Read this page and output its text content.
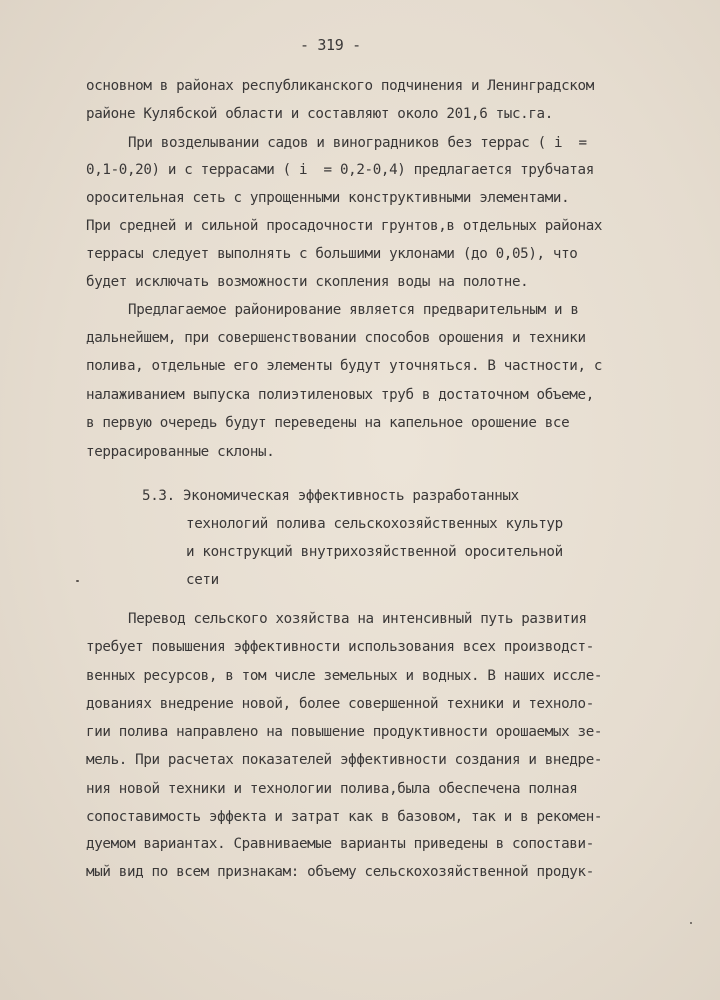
- 319 -
основном в районах республиканского подчинения и Ленинградском
районе Кулябской области и составляют около 201,6 тыс.га.
При возделывании садов и виноградников без террас ( i  =
0,1-0,20) и с террасами ( i  = 0,2-0,4) предлагается трубчатая
оросительная сеть с упрощенными конструктивными элементами.
При средней и сильной просадочности грунтов,в отдельных районах
террасы следует выполнять с большими уклонами (до 0,05), что
будет исключать возможности скопления воды на полотне.
Предлагаемое районирование является предварительным и в
дальнейшем, при совершенствовании способов орошения и техники
полива, отдельные его элементы будут уточняться. В частности, с
налаживанием выпуска полиэтиленовых труб в достаточном объеме,
в первую очередь будут переведены на капельное орошение все
террасированные склоны.
5.3. Экономическая эффективность разработанных
технологий полива сельскохозяйственных культур
и конструкций внутрихозяйственной оросительной
сети
Перевод сельского хозяйства на интенсивный путь развития
требует повышения эффективности использования всех производст-
венных ресурсов, в том числе земельных и водных. В наших иссле-
дованиях внедрение новой, более совершенной техники и техноло-
гии полива направлено на повышение продуктивности орошаемых зе-
мель. При расчетах показателей эффективности создания и внедре-
ния новой техники и технологии полива,была обеспечена полная
сопоставимость эффекта и затрат как в базовом, так и в рекомен-
дуемом вариантах. Сравниваемые варианты приведены в сопостави-
мый вид по всем признакам: объему сельскохозяйственной продук-
